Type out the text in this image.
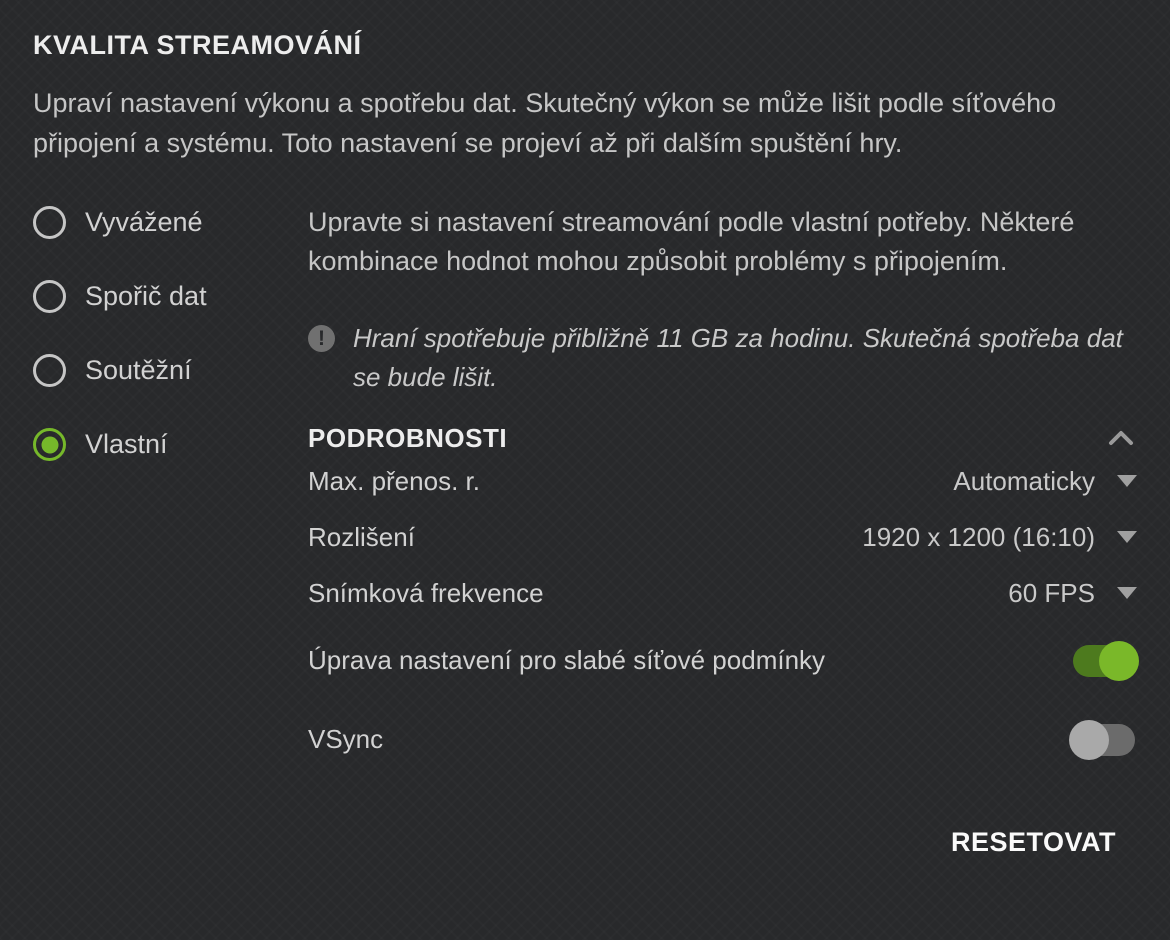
KVALITA STREAMOVÁNÍ

Upraví nastavení výkonu a spotřebu dat. Skutečný výkon se může lišit podle síťového připojení a systému. Toto nastavení se projeví až při dalším spuštění hry.

Vyvážené
Spořič dat
Soutěžní
Vlastní

Upravte si nastavení streamování podle vlastní potřeby. Některé kombinace hodnot mohou způsobit problémy s připojením.

!	Hraní spotřebuje přibližně 11 GB za hodinu. Skutečná spotřeba dat se bude lišit.
PODROBNOSTI
Max. přenos. r.	Automaticky
Rozlišení	1920 x 1200 (16:10)
Snímková frekvence	60 FPS
Úprava nastavení pro slabé síťové podmínky
VSync
RESETOVAT
